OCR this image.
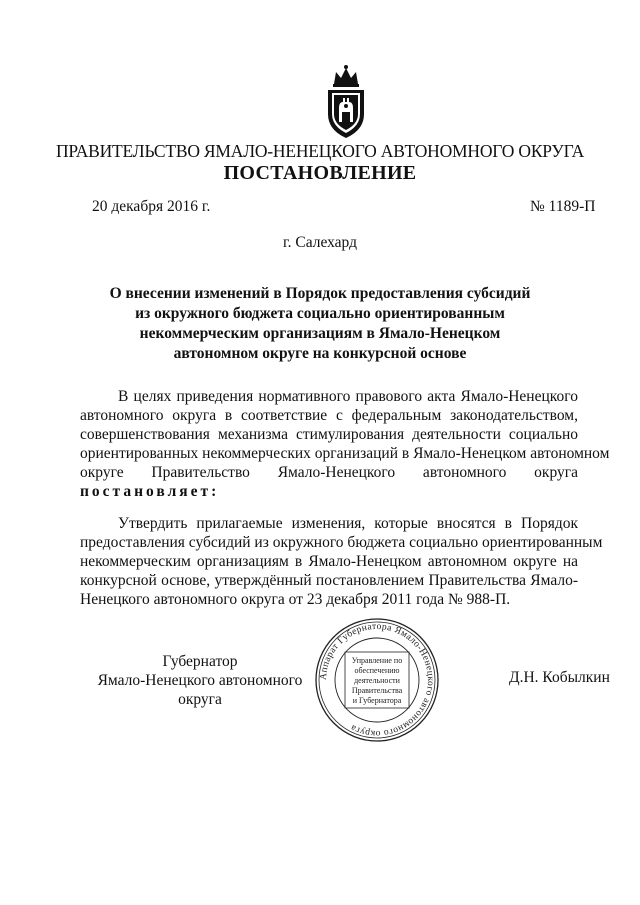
ПРАВИТЕЛЬСТВО ЯМАЛО-НЕНЕЦКОГО АВТОНОМНОГО ОКРУГА
ПОСТАНОВЛЕНИЕ
20 декабря 2016 г.	№ 1189-П
г. Салехард
О внесении изменений в Порядок предоставления субсидий
из окружного бюджета социально ориентированным
некоммерческим организациям в Ямало-Ненецком
автономном округе на конкурсной основе
В целях приведения нормативного правового акта Ямало-Ненецкого
автономного округа в соответствие с федеральным законодательством,
совершенствования механизма стимулирования деятельности социально
ориентированных некоммерческих организаций в Ямало-Ненецком автономном
округе Правительство Ямало-Ненецкого автономного округа
постановляет:
Утвердить прилагаемые изменения, которые вносятся в Порядок
предоставления субсидий из окружного бюджета социально ориентированным
некоммерческим организациям в Ямало-Ненецком автономном округе на
конкурсной основе, утверждённый постановлением Правительства Ямало-
Ненецкого автономного округа от 23 декабря 2011 года № 988-П.
Губернатор
Ямало-Ненецкого автономного округа
Аппарат Губернатора Ямало-Ненецкого автономного округа
Управление по
обеспечению
деятельности
Правительства
и Губернатора
Д.Н. Кобылкин
